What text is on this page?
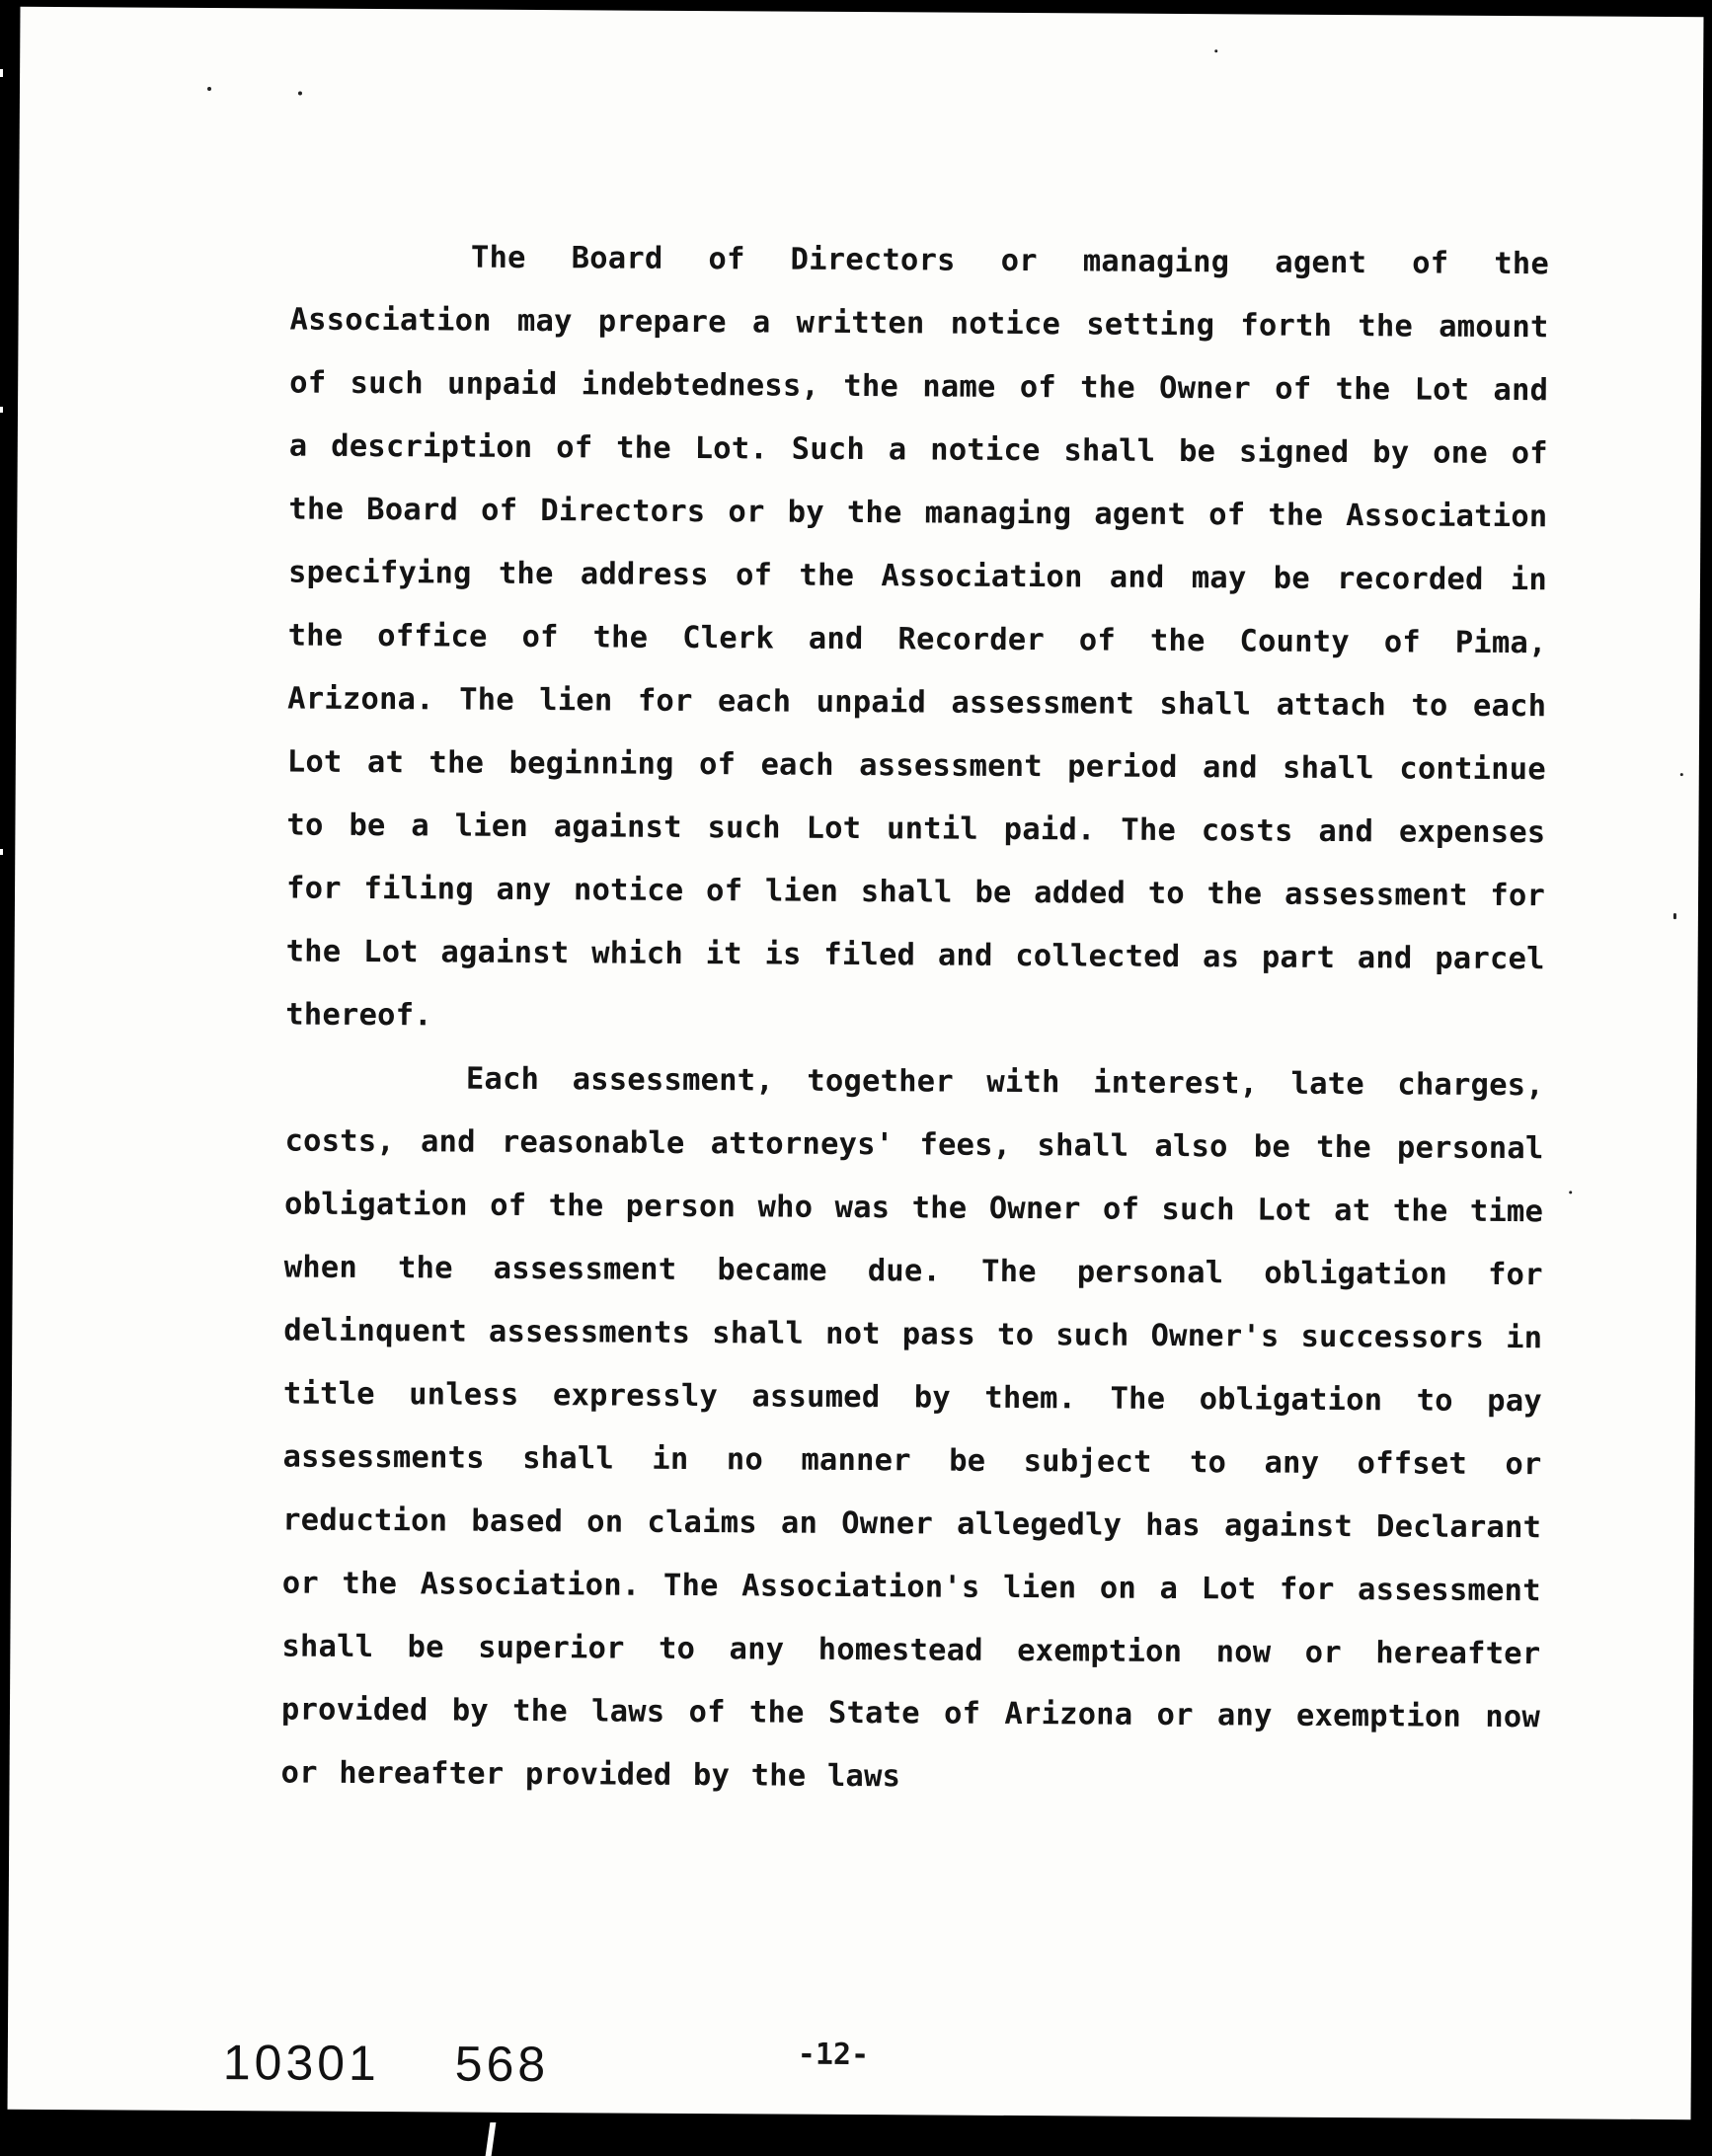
The Board of Directors or managing agent of the Association may prepare a written notice setting forth the amount of such unpaid indebtedness, the name of the Owner of the Lot and a description of the Lot. Such a notice shall be signed by one of the Board of Directors or by the managing agent of the Association specifying the address of the Association and may be recorded in the office of the Clerk and Recorder of the County of Pima, Arizona. The lien for each unpaid assessment shall attach to each Lot at the beginning of each assessment period and shall continue to be a lien against such Lot until paid. The costs and expenses for filing any notice of lien shall be added to the assessment for the Lot against which it is filed and collected as part and parcel thereof.

Each assessment, together with interest, late charges, costs, and reasonable attorneys' fees, shall also be the personal obligation of the person who was the Owner of such Lot at the time when the assessment became due. The personal obligation for delinquent assessments shall not pass to such Owner's successors in title unless expressly assumed by them. The obligation to pay assessments shall in no manner be subject to any offset or reduction based on claims an Owner allegedly has against Declarant or the Association. The Association's lien on a Lot for assessment shall be superior to any homestead exemption now or hereafter provided by the laws of the State of Arizona or any exemption now or hereafter provided by the laws

10301 568	-12-
